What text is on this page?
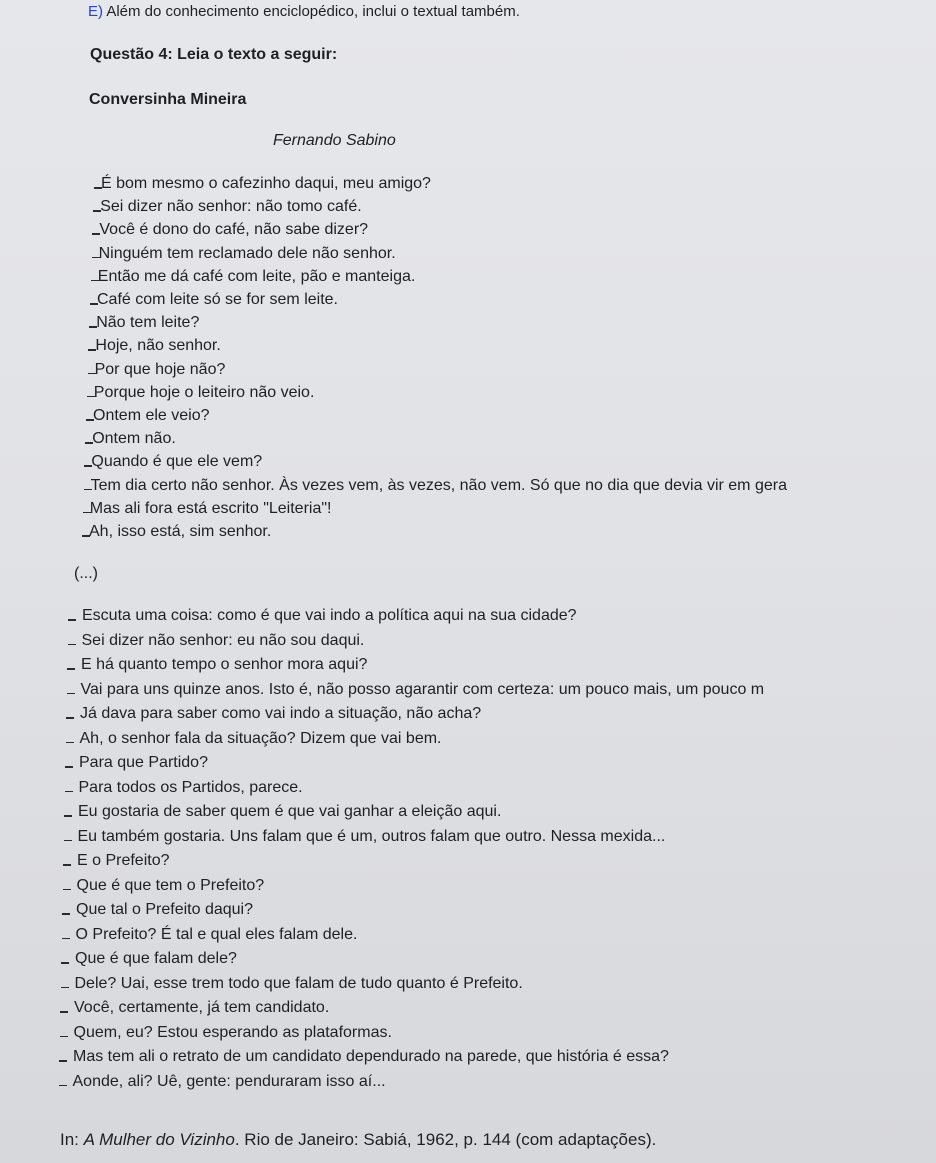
E) Além do conhecimento enciclopédico, inclui o textual também.
Questão 4: Leia o texto a seguir:
Conversinha Mineira
Fernando Sabino
É bom mesmo o cafezinho daqui, meu amigo?
Sei dizer não senhor: não tomo café.
Você é dono do café, não sabe dizer?
Ninguém tem reclamado dele não senhor.
Então me dá café com leite, pão e manteiga.
Café com leite só se for sem leite.
Não tem leite?
Hoje, não senhor.
Por que hoje não?
Porque hoje o leiteiro não veio.
Ontem ele veio?
Ontem não.
Quando é que ele vem?
Tem dia certo não senhor. Às vezes vem, às vezes, não vem. Só que no dia que devia vir em gera
Mas ali fora está escrito "Leiteria"!
Ah, isso está, sim senhor.
(...)
Escuta uma coisa: como é que vai indo a política aqui na sua cidade?
Sei dizer não senhor: eu não sou daqui.
E há quanto tempo o senhor mora aqui?
Vai para uns quinze anos. Isto é, não posso agarantir com certeza: um pouco mais, um pouco m
Já dava para saber como vai indo a situação, não acha?
Ah, o senhor fala da situação? Dizem que vai bem.
Para que Partido?
Para todos os Partidos, parece.
Eu gostaria de saber quem é que vai ganhar a eleição aqui.
Eu também gostaria. Uns falam que é um, outros falam que outro. Nessa mexida...
E o Prefeito?
Que é que tem o Prefeito?
Que tal o Prefeito daqui?
O Prefeito? É tal e qual eles falam dele.
Que é que falam dele?
Dele? Uai, esse trem todo que falam de tudo quanto é Prefeito.
Você, certamente, já tem candidato.
Quem, eu? Estou esperando as plataformas.
Mas tem ali o retrato de um candidato dependurado na parede, que história é essa?
Aonde, ali? Uê, gente: penduraram isso aí...
In: A Mulher do Vizinho. Rio de Janeiro: Sabiá, 1962, p. 144 (com adaptações).
